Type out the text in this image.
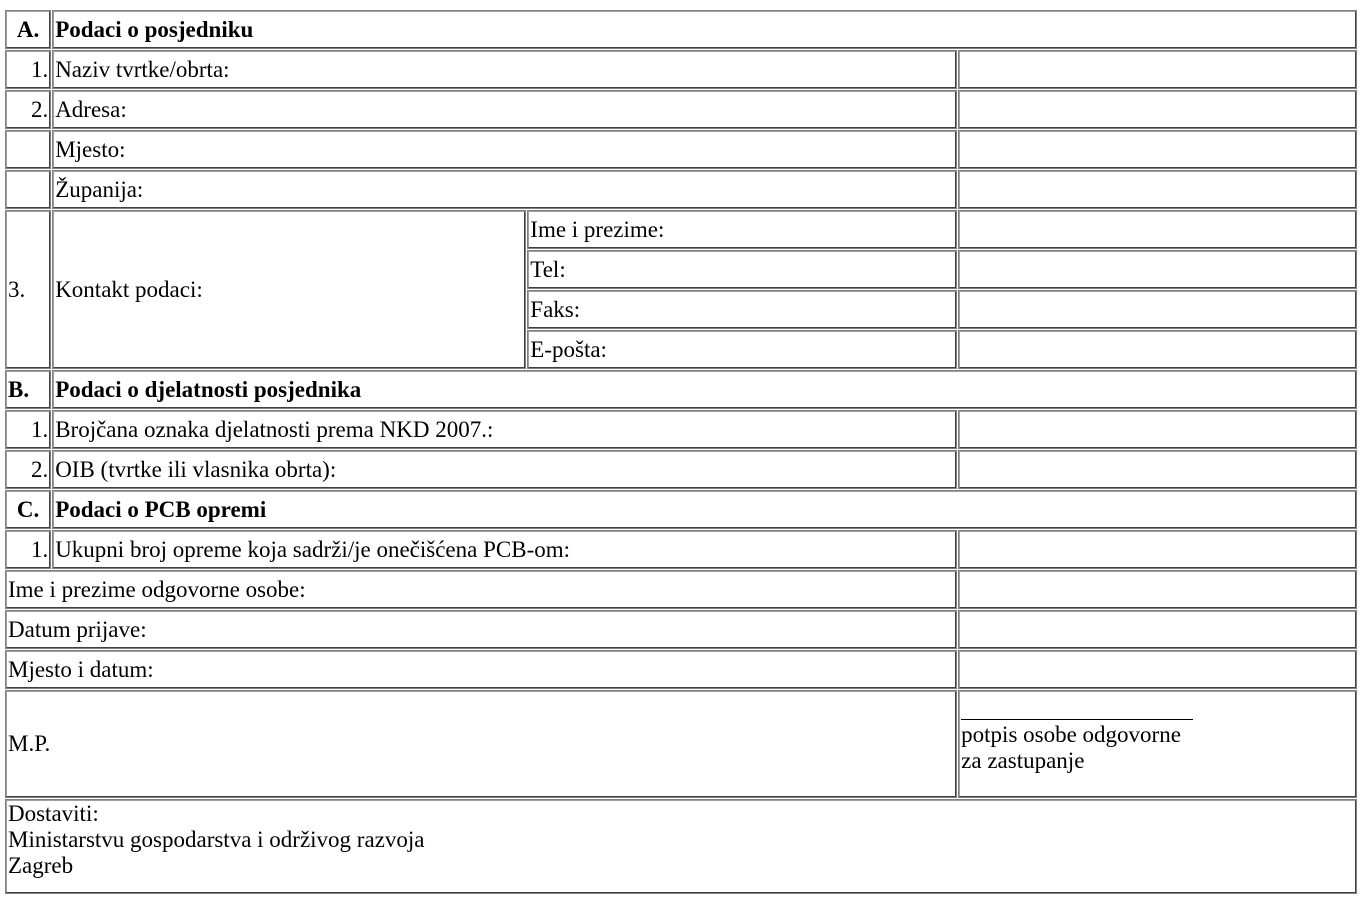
A.	Podaci o posjedniku		
1.	Naziv tvrtke/obrta:		
2.	Adresa:		
	Mjesto:		
	Županija:		
3.	Kontakt podaci:	Ime i prezime:	
		Tel:	
		Faks:	
		E-pošta:	
B.	Podaci o djelatnosti posjednika		
1.	Brojčana oznaka djelatnosti prema NKD 2007.:		
2.	OIB (tvrtke ili vlasnika obrta):		
C.	Podaci o PCB opremi		
1.	Ukupni broj opreme koja sadrži/je onečišćena PCB-om:		
Ime i prezime odgovorne osobe:			
Datum prijave:			
Mjesto i datum:			
M.P.			potpis osobe odgovorne
za zastupanje

Dostaviti:
Ministarstvu gospodarstva i održivog razvoja
Zagreb			
